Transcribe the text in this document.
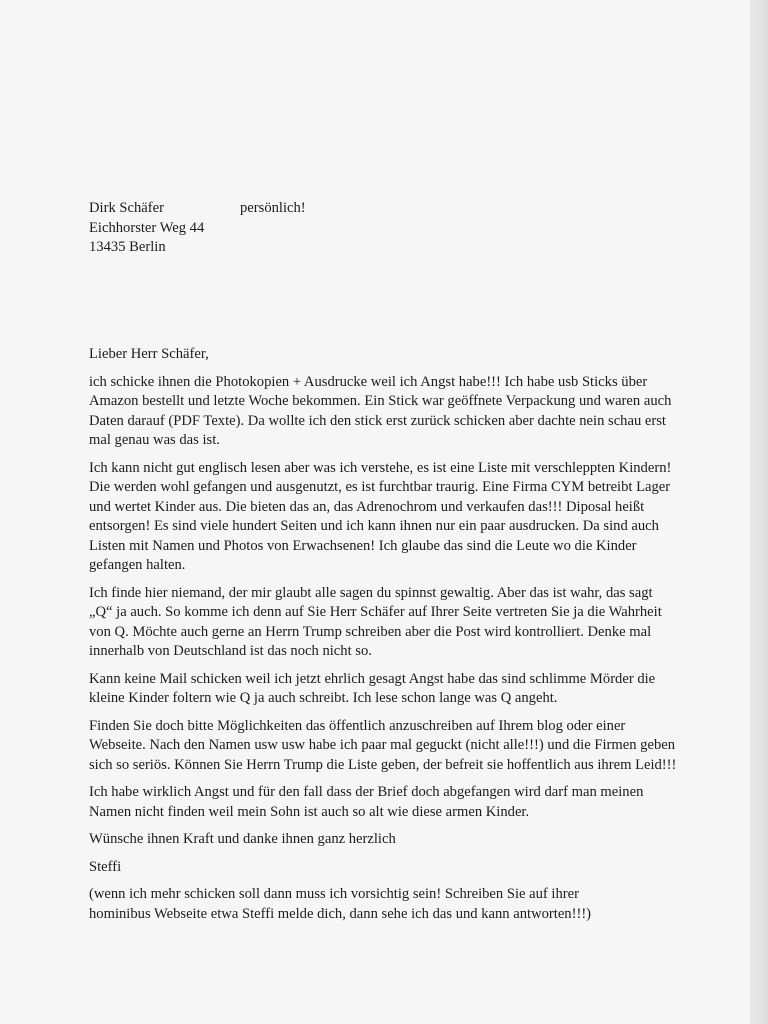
Dirk Schäfer
Eichhorster Weg 44
13435 Berlin
persönlich!

Lieber Herr Schäfer,

ich schicke ihnen die Photokopien + Ausdrucke weil ich Angst habe!!! Ich habe usb Sticks über Amazon bestellt und letzte Woche bekommen. Ein Stick war geöffnete Verpackung und waren auch Daten darauf (PDF Texte). Da wollte ich den stick erst zurück schicken aber dachte nein schau erst mal genau was das ist.

Ich kann nicht gut englisch lesen aber was ich verstehe, es ist eine Liste mit verschleppten Kindern! Die werden wohl gefangen und ausgenutzt, es ist furchtbar traurig. Eine Firma CYM betreibt Lager und wertet Kinder aus. Die bieten das an, das Adrenochrom und verkaufen das!!! Diposal heißt entsorgen! Es sind viele hundert Seiten und ich kann ihnen nur ein paar ausdrucken. Da sind auch Listen mit Namen und Photos von Erwachsenen! Ich glaube das sind die Leute wo die Kinder gefangen halten.

Ich finde hier niemand, der mir glaubt alle sagen du spinnst gewaltig. Aber das ist wahr, das sagt „Q“ ja auch. So komme ich denn auf Sie Herr Schäfer auf Ihrer Seite vertreten Sie ja die Wahrheit von Q. Möchte auch gerne an Herrn Trump schreiben aber die Post wird kontrolliert. Denke mal innerhalb von Deutschland ist das noch nicht so.

Kann keine Mail schicken weil ich jetzt ehrlich gesagt Angst habe das sind schlimme Mörder die kleine Kinder foltern wie Q ja auch schreibt. Ich lese schon lange was Q angeht.

Finden Sie doch bitte Möglichkeiten das öffentlich anzuschreiben auf Ihrem blog oder einer Webseite. Nach den Namen usw usw habe ich paar mal geguckt (nicht alle!!!) und die Firmen geben sich so seriös. Können Sie Herrn Trump die Liste geben, der befreit sie hoffentlich aus ihrem Leid!!!

Ich habe wirklich Angst und für den fall dass der Brief doch abgefangen wird darf man meinen Namen nicht finden weil mein Sohn ist auch so alt wie diese armen Kinder.

Wünsche ihnen Kraft und danke ihnen ganz herzlich

Steffi

(wenn ich mehr schicken soll dann muss ich vorsichtig sein! Schreiben Sie auf ihrer hominibus Webseite etwa Steffi melde dich, dann sehe ich das und kann antworten!!!)
